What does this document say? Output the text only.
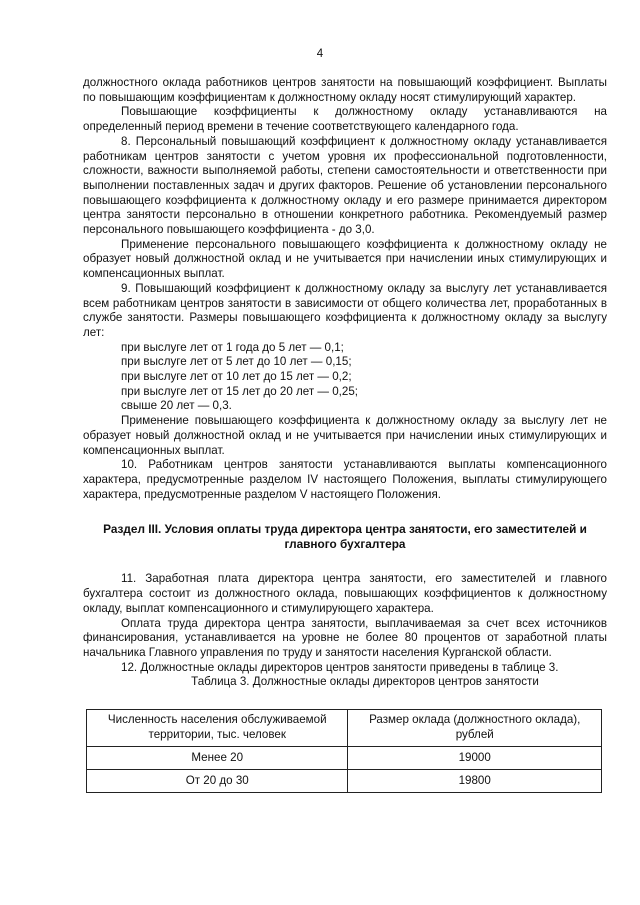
4

должностного оклада работников центров занятости на повышающий коэффициент. Выплаты по повышающим коэффициентам к должностному окладу носят стимулирующий характер.

Повышающие коэффициенты к должностному окладу устанавливаются на определенный период времени в течение соответствующего календарного года.

8. Персональный повышающий коэффициент к должностному окладу устанавливается работникам центров занятости с учетом уровня их профессиональной подготовленности, сложности, важности выполняемой работы, степени самостоятельности и ответственности при выполнении поставленных задач и других факторов. Решение об установлении персонального повышающего коэффициента к должностному окладу и его размере принимается директором центра занятости персонально в отношении конкретного работника. Рекомендуемый размер персонального повышающего коэффициента - до 3,0.

Применение персонального повышающего коэффициента к должностному окладу не образует новый должностной оклад и не учитывается при начислении иных стимулирующих и компенсационных выплат.

9. Повышающий коэффициент к должностному окладу за выслугу лет устанавливается всем работникам центров занятости в зависимости от общего количества лет, проработанных в службе занятости. Размеры повышающего коэффициента к должностному окладу за выслугу лет:

при выслуге лет от 1 года до 5 лет — 0,1;

при выслуге лет от 5 лет до 10 лет — 0,15;

при выслуге лет от 10 лет до 15 лет — 0,2;

при выслуге лет от 15 лет до 20 лет — 0,25;

свыше 20 лет — 0,3.

Применение повышающего коэффициента к должностному окладу за выслугу лет не образует новый должностной оклад и не учитывается при начислении иных стимулирующих и компенсационных выплат.

10. Работникам центров занятости устанавливаются выплаты компенсационного характера, предусмотренные разделом IV настоящего Положения, выплаты стимулирующего характера, предусмотренные разделом V настоящего Положения.

Раздел III. Условия оплаты труда директора центра занятости, его заместителей и главного бухгалтера

11. Заработная плата директора центра занятости, его заместителей и главного бухгалтера состоит из должностного оклада, повышающих коэффициентов к должностному окладу, выплат компенсационного и стимулирующего характера.

Оплата труда директора центра занятости, выплачиваемая за счет всех источников финансирования, устанавливается на уровне не более 80 процентов от заработной платы начальника Главного управления по труду и занятости населения Курганской области.

12. Должностные оклады директоров центров занятости приведены в таблице 3.

Таблица 3. Должностные оклады директоров центров занятости

Численность населения обслуживаемой территории, тыс. человек	Размер оклада (должностного оклада), рублей
Менее 20	19000
От 20 до 30	19800
